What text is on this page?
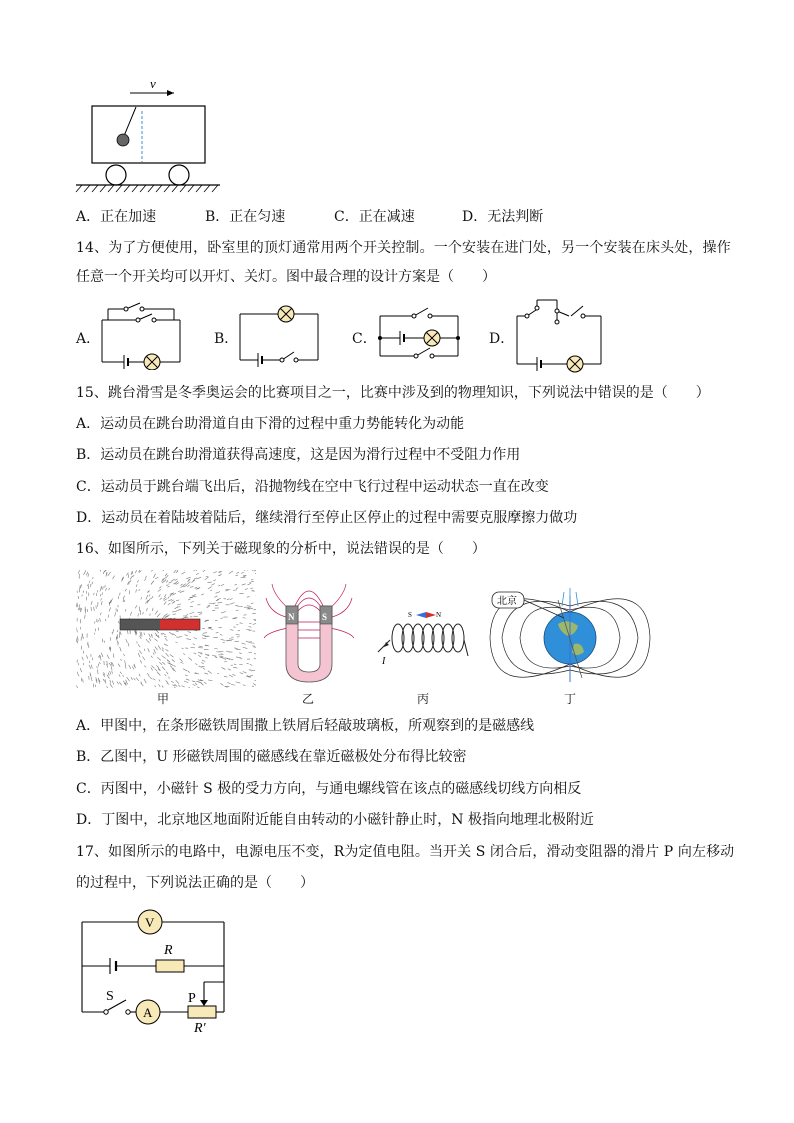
v
A．正在加速	B．正在匀速	C．正在减速	D．无法判断
14、为了方便使用，卧室里的顶灯通常用两个开关控制。一个安装在进门处，另一个安装在床头处，操作
任意一个开关均可以开灯、关灯。图中最合理的设计方案是（　　）
A．	B．	C．	D．
15、跳台滑雪是冬季奥运会的比赛项目之一，比赛中涉及到的物理知识，下列说法中错误的是（　　）
A．运动员在跳台助滑道自由下滑的过程中重力势能转化为动能
B．运动员在跳台助滑道获得高速度，这是因为滑行过程中不受阻力作用
C．运动员于跳台端飞出后，沿抛物线在空中飞行过程中运动状态一直在改变
D．运动员在着陆坡着陆后，继续滑行至停止区停止的过程中需要克服摩擦力做功
16、如图所示，下列关于磁现象的分析中，说法错误的是（　　）
N	S	S	N
I
北京
甲	乙	丙	丁
A．甲图中，在条形磁铁周围撒上铁屑后轻敲玻璃板，所观察到的是磁感线
B．乙图中，U 形磁铁周围的磁感线在靠近磁极处分布得比较密
C．丙图中，小磁针 S 极的受力方向，与通电螺线管在该点的磁感线切线方向相反
D．丁图中，北京地区地面附近能自由转动的小磁针静止时，N 极指向地理北极附近
17、如图所示的电路中，电源电压不变，R为定值电阻。当开关 S 闭合后，滑动变阻器的滑片 P 向左移动
的过程中，下列说法正确的是（　　）
V
R
S
A
P
R′
